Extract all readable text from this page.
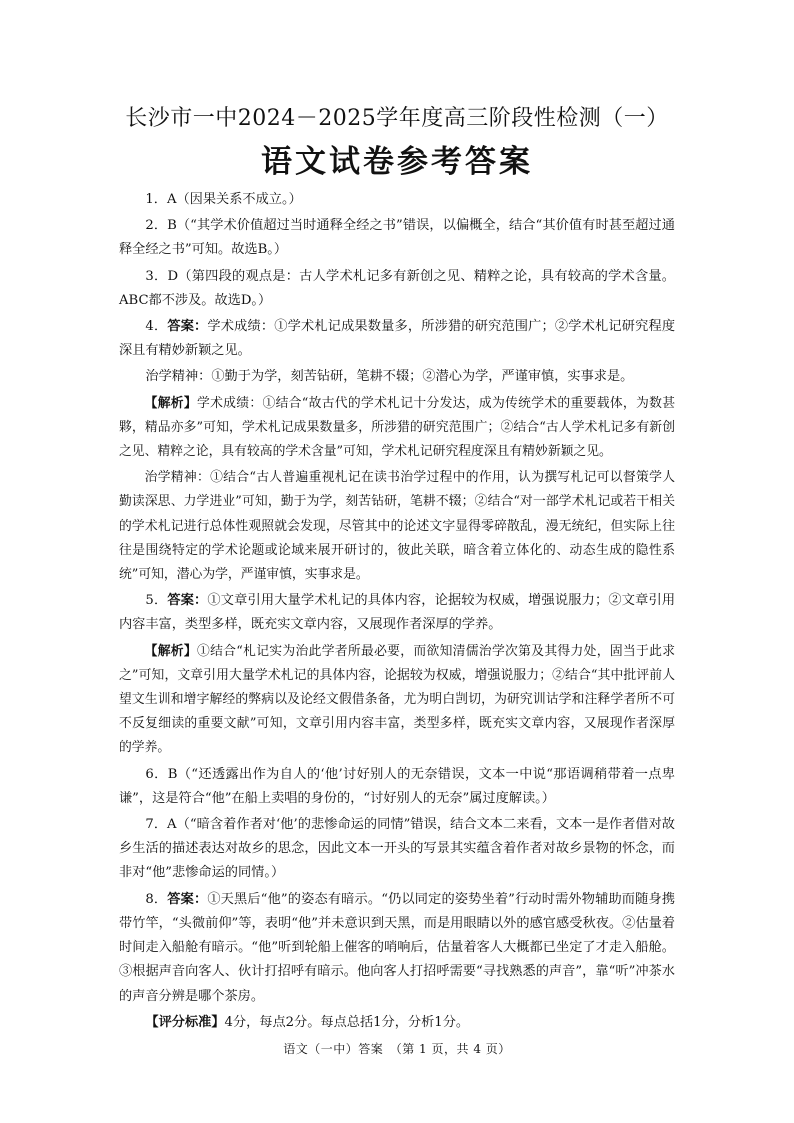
长沙市一中2024－2025学年度高三阶段性检测（一）
语文试卷参考答案

1．A（因果关系不成立。）

2．B（“其学术价值超过当时通释全经之书”错误，以偏概全，结合“其价值有时甚至超过通释全经之书”可知。故选B。）

3．D（第四段的观点是：古人学术札记多有新创之见、精粹之论，具有较高的学术含量。ABC都不涉及。故选D。）

4．答案：学术成绩：①学术札记成果数量多，所涉猎的研究范围广；②学术札记研究程度深且有精妙新颖之见。

治学精神：①勤于为学，刻苦钻研，笔耕不辍；②潜心为学，严谨审慎，实事求是。

【解析】学术成绩：①结合“故古代的学术札记十分发达，成为传统学术的重要载体，为数甚夥，精品亦多”可知，学术札记成果数量多，所涉猎的研究范围广；②结合“古人学术札记多有新创之见、精粹之论，具有较高的学术含量”可知，学术札记研究程度深且有精妙新颖之见。

治学精神：①结合“古人普遍重视札记在读书治学过程中的作用，认为撰写札记可以督策学人勤读深思、力学进业”可知，勤于为学，刻苦钻研，笔耕不辍；②结合“对一部学术札记或若干相关的学术札记进行总体性观照就会发现，尽管其中的论述文字显得零碎散乱，漫无统纪，但实际上往往是围绕特定的学术论题或论域来展开研讨的，彼此关联，暗含着立体化的、动态生成的隐性系统”可知，潜心为学，严谨审慎，实事求是。

5．答案：①文章引用大量学术札记的具体内容，论据较为权威，增强说服力；②文章引用内容丰富，类型多样，既充实文章内容，又展现作者深厚的学养。

【解析】①结合“札记实为治此学者所最必要，而欲知清儒治学次第及其得力处，固当于此求之”可知，文章引用大量学术札记的具体内容，论据较为权威，增强说服力；②结合“其中批评前人望文生训和增字解经的弊病以及论经文假借条备，尤为明白剀切，为研究训诂学和注释学者所不可不反复细读的重要文献”可知，文章引用内容丰富，类型多样，既充实文章内容，又展现作者深厚的学养。

6．B（“还透露出作为自人的‘他’讨好别人的无奈错误，文本一中说“那语调稍带着一点卑谦”，这是符合“他”在船上卖唱的身份的，“讨好别人的无奈”属过度解读。）

7．A（“暗含着作者对‘他’的悲惨命运的同情”错误，结合文本二来看，文本一是作者借对故乡生活的描述表达对故乡的思念，因此文本一开头的写景其实蕴含着作者对故乡景物的怀念，而非对“他”悲惨命运的同情。）

8．答案：①天黑后“他”的姿态有暗示。“仍以同定的姿势坐着”行动时需外物辅助而随身携带竹竿，“头微前仰”等，表明“他”并未意识到天黑，而是用眼睛以外的感官感受秋夜。②估量着时间走入船舱有暗示。“他”听到轮船上催客的哨响后，估量着客人大概都已坐定了才走入船舱。③根据声音向客人、伙计打招呼有暗示。他向客人打招呼需要“寻找熟悉的声音”，靠“听”冲茶水的声音分辨是哪个茶房。

【评分标准】4分，每点2分。每点总括1分，分析1分。

语文（一中）答案　（第 1 页，共 4 页）
